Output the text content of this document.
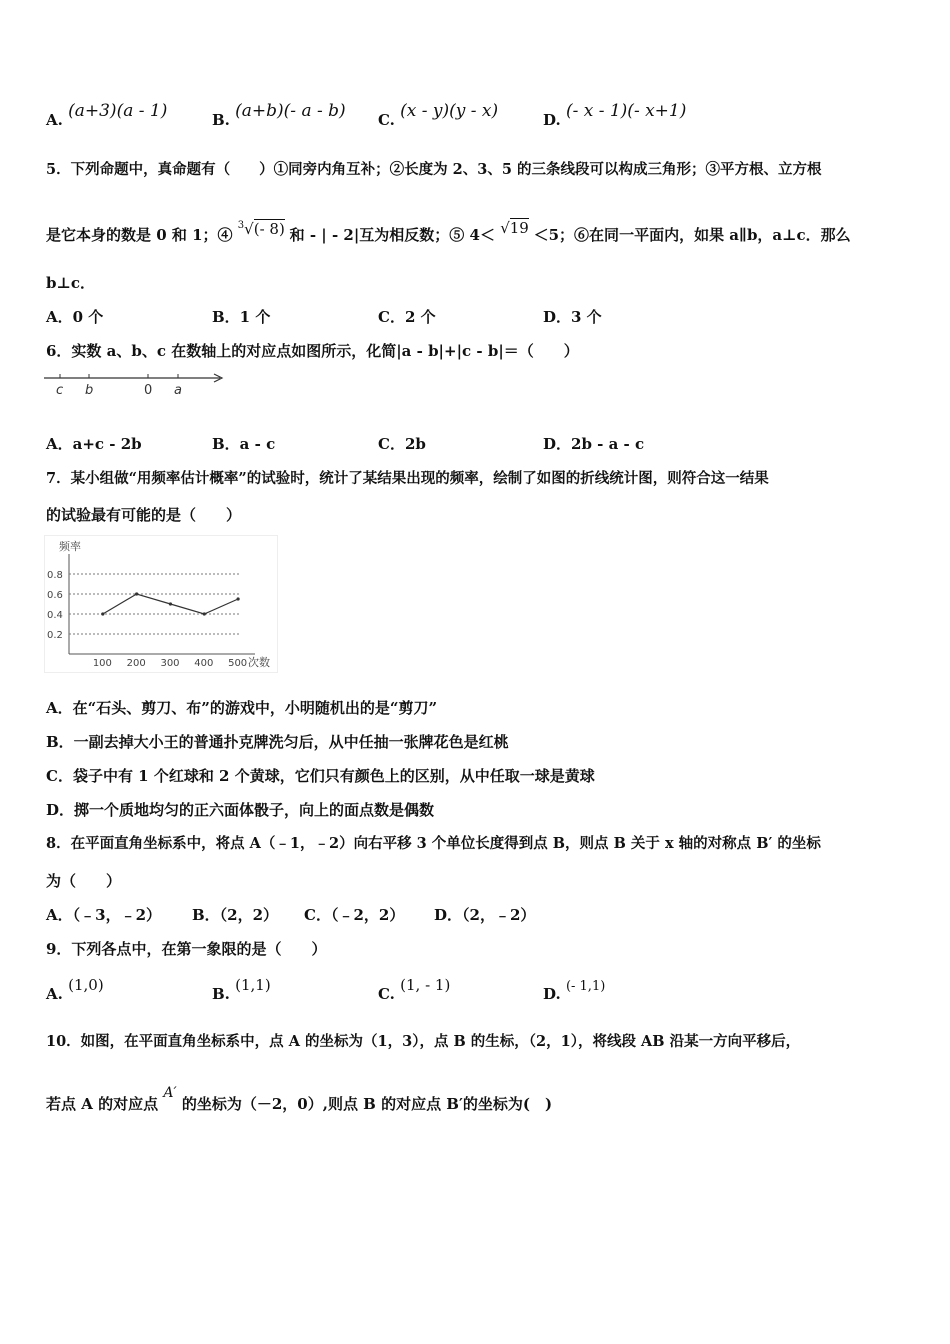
A. (a+3)(a - 1)	B. (a+b)(- a - b) C. (x - y)(y - x)	D. (- x - 1)(- x+1)
5．下列命题中，真命题有（　　）①同旁内角互补；②长度为 2、3、5 的三条线段可以构成三角形；③平方根、立方根
是它本身的数是 0 和 1；④ $^3$√(- 8) 和 - | - 2|互为相反数；⑤ 4＜ √19 ＜5；⑥在同一平面内，如果 a∥b，a⊥c．那么
b⊥c．
A．0 个	B．1 个	C．2 个	D．3 个
6．实数 a、b、c 在数轴上的对应点如图所示，化简|a - b|+|c - b|＝（　　）
c b	0 a
A．a+c - 2b	B．a - c	C．2b	D．2b - a - c
7．某小组做“用频率估计概率”的试验时，统计了某结果出现的频率，绘制了如图的折线统计图，则符合这一结果
的试验最有可能的是（　　）
频率
次数
0.2
0.4
0.6
0.8
100 200 300 400 500
A．在“石头、剪刀、布”的游戏中，小明随机出的是“剪刀”
B．一副去掉大小王的普通扑克牌洗匀后，从中任抽一张牌花色是红桃
C．袋子中有 1 个红球和 2 个黄球，它们只有颜色上的区别，从中任取一球是黄球
D．掷一个质地均匀的正六面体骰子，向上的面点数是偶数
8．在平面直角坐标系中，将点 A（﹣1，﹣2）向右平移 3 个单位长度得到点 B，则点 B 关于 x 轴的对称点 B′ 的坐标
为（　　）
A．（﹣3，﹣2） B．（2，2） C．（﹣2，2） D．（2，﹣2）
9．下列各点中，在第一象限的是（　　）
A. (1,0)	B. (1,1)	C. (1, - 1)	D. (- 1,1)
10．如图，在平面直角坐标系中，点 A 的坐标为（1，3），点 B 的生标，（2，1），将线段 AB 沿某一方向平移后，
若点 A 的对应点 A′ 的坐标为（－2，0）,则点 B 的对应点 B′的坐标为(　)
